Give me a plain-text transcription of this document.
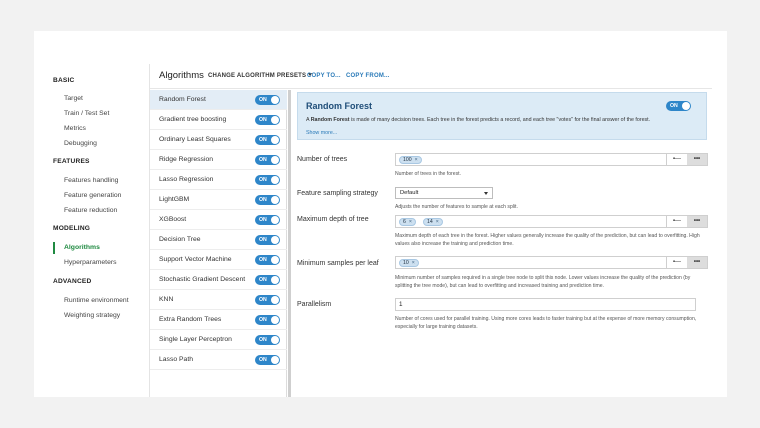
BASIC
Target
Train / Test Set
Metrics
Debugging
FEATURES
Features handling
Feature generation
Feature reduction
MODELING
Algorithms
Hyperparameters
ADVANCED
Runtime environment
Weighting strategy
Algorithms CHANGE ALGORITHM PRESETS COPY TO... COPY FROM...
Random Forest	ON
Gradient tree boosting	ON
Ordinary Least Squares	ON
Ridge Regression	ON
Lasso Regression	ON
LightGBM	ON
XGBoost	ON
Decision Tree	ON
Support Vector Machine	ON
Stochastic Gradient Descent	ON
KNN	ON
Extra Random Trees	ON
Single Layer Perceptron	ON
Lasso Path	ON
Random Forest	ON
A Random Forest is made of many decision trees. Each tree in the forest predicts a record, and each tree "votes" for the final answer of the forest.
Show more...
Number of trees	100 ×	▪—	•••
Number of trees in the forest.
Feature sampling strategy	Default
Adjusts the number of features to sample at each split.
Maximum depth of tree	6 ×	14 ×	▪—	•••
Maximum depth of each tree in the forest. Higher values generally increase the quality of the prediction, but can lead to overfitting. High values also increase the training and prediction time.
Minimum samples per leaf	10 ×	▪—	•••
Minimum number of samples required in a single tree node to split this node. Lower values increase the quality of the prediction (by splitting the tree mode), but can lead to overfitting and increased training and prediction time.
Parallelism	1
Number of cores used for parallel training. Using more cores leads to faster training but at the expense of more memory consumption, especially for large training datasets.
